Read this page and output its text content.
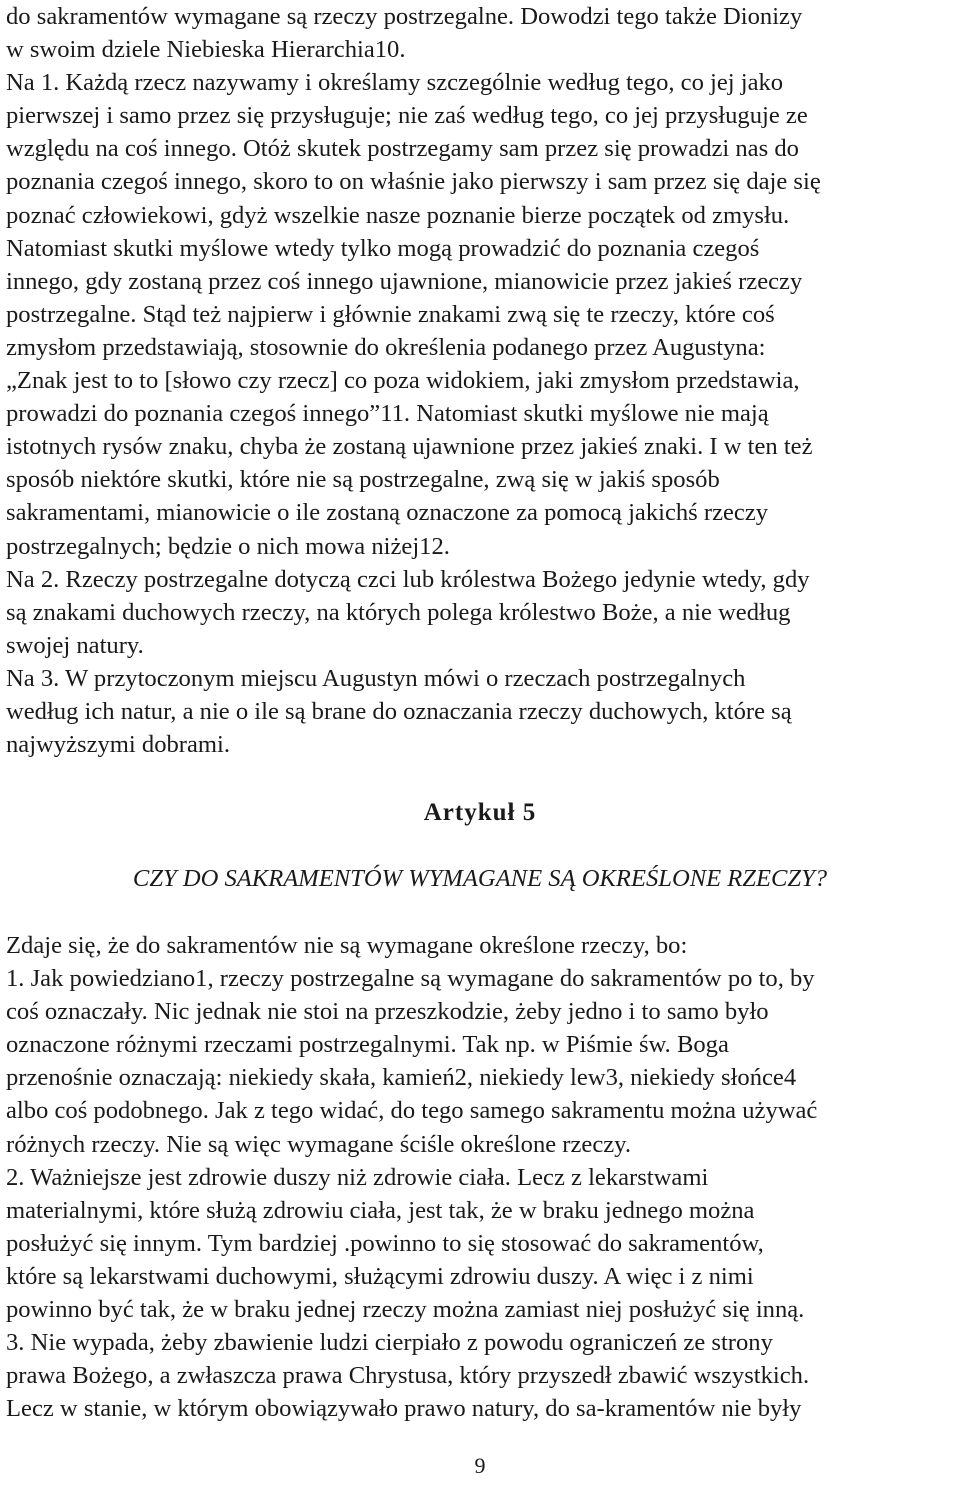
do sakramentów wymagane są rzeczy postrzegalne. Dowodzi tego także Dionizy
w swoim dziele Niebieska Hierarchia10.
Na 1. Każdą rzecz nazywamy i określamy szczególnie według tego, co jej jako
pierwszej i samo przez się przysługuje; nie zaś według tego, co jej przysługuje ze
względu na coś innego. Otóż skutek postrzegamy sam przez się prowadzi nas do
poznania czegoś innego, skoro to on właśnie jako pierwszy i sam przez się daje się
poznać człowiekowi, gdyż wszelkie nasze poznanie bierze początek od zmysłu.
Natomiast skutki myślowe wtedy tylko mogą prowadzić do poznania czegoś
innego, gdy zostaną przez coś innego ujawnione, mianowicie przez jakieś rzeczy
postrzegalne. Stąd też najpierw i głównie znakami zwą się te rzeczy, które coś
zmysłom przedstawiają, stosownie do określenia podanego przez Augustyna:
„Znak jest to to [słowo czy rzecz] co poza widokiem, jaki zmysłom przedstawia,
prowadzi do poznania czegoś innego”11. Natomiast skutki myślowe nie mają
istotnych rysów znaku, chyba że zostaną ujawnione przez jakieś znaki. I w ten też
sposób niektóre skutki, które nie są postrzegalne, zwą się w jakiś sposób
sakramentami, mianowicie o ile zostaną oznaczone za pomocą jakichś rzeczy
postrzegalnych; będzie o nich mowa niżej12.
Na 2. Rzeczy postrzegalne dotyczą czci lub królestwa Bożego jedynie wtedy, gdy
są znakami duchowych rzeczy, na których polega królestwo Boże, a nie według
swojej natury.
Na 3. W przytoczonym miejscu Augustyn mówi o rzeczach postrzegalnych
według ich natur, a nie o ile są brane do oznaczania rzeczy duchowych, które są
najwyższymi dobrami.
Artykuł 5
CZY DO SAKRAMENTÓW WYMAGANE SĄ OKREŚLONE RZECZY?
Zdaje się, że do sakramentów nie są wymagane określone rzeczy, bo:
1. Jak powiedziano1, rzeczy postrzegalne są wymagane do sakramentów po to, by
coś oznaczały. Nic jednak nie stoi na przeszkodzie, żeby jedno i to samo było
oznaczone różnymi rzeczami postrzegalnymi. Tak np. w Piśmie św. Boga
przenośnie oznaczają: niekiedy skała, kamień2, niekiedy lew3, niekiedy słońce4
albo coś podobnego. Jak z tego widać, do tego samego sakramentu można używać
różnych rzeczy. Nie są więc wymagane ściśle określone rzeczy.
2. Ważniejsze jest zdrowie duszy niż zdrowie ciała. Lecz z lekarstwami
materialnymi, które służą zdrowiu ciała, jest tak, że w braku jednego można
posłużyć się innym. Tym bardziej .powinno to się stosować do sakramentów,
które są lekarstwami duchowymi, służącymi zdrowiu duszy. A więc i z nimi
powinno być tak, że w braku jednej rzeczy można zamiast niej posłużyć się inną.
3. Nie wypada, żeby zbawienie ludzi cierpiało z powodu ograniczeń ze strony
prawa Bożego, a zwłaszcza prawa Chrystusa, który przyszedł zbawić wszystkich.
Lecz w stanie, w którym obowiązywało prawo natury, do sa-kramentów nie były
9
